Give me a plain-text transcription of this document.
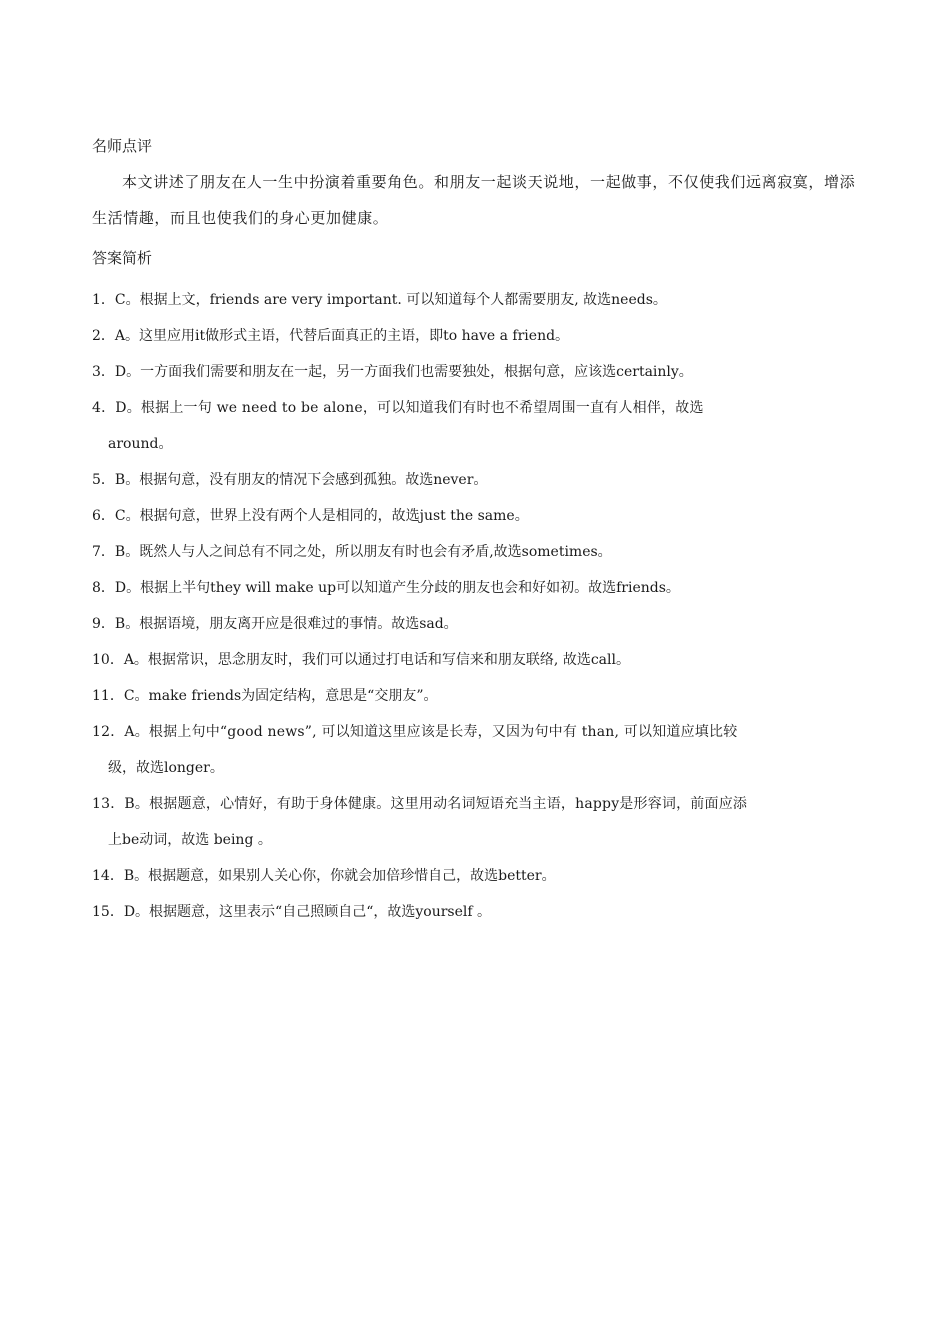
名师点评

本文讲述了朋友在人一生中扮演着重要角色。和朋友一起谈天说地，一起做事，不仅使我们远离寂寞，增添生活情趣，而且也使我们的身心更加健康。

答案简析
1．C。根据上文，friends are very important. 可以知道每个人都需要朋友, 故选needs。
2．A。这里应用it做形式主语，代替后面真正的主语，即to have a friend。
3．D。一方面我们需要和朋友在一起，另一方面我们也需要独处，根据句意，应该选certainly。
4．D。根据上一句 we need to be alone，可以知道我们有时也不希望周围一直有人相伴，故选
around。
5．B。根据句意，没有朋友的情况下会感到孤独。故选never。
6．C。根据句意，世界上没有两个人是相同的，故选just the same。
7．B。既然人与人之间总有不同之处，所以朋友有时也会有矛盾,故选sometimes。
8．D。根据上半句they will make up可以知道产生分歧的朋友也会和好如初。故选friends。
9．B。根据语境，朋友离开应是很难过的事情。故选sad。
10．A。根据常识，思念朋友时，我们可以通过打电话和写信来和朋友联络, 故选call。
11．C。make friends为固定结构，意思是“交朋友”。
12．A。根据上句中“good news”, 可以知道这里应该是长寿，又因为句中有 than, 可以知道应填比较
级，故选longer。
13．B。根据题意，心情好，有助于身体健康。这里用动名词短语充当主语，happy是形容词，前面应添
上be动词，故选 being 。
14．B。根据题意，如果别人关心你，你就会加倍珍惜自己，故选better。
15．D。根据题意，这里表示“自己照顾自己“，故选yourself 。
